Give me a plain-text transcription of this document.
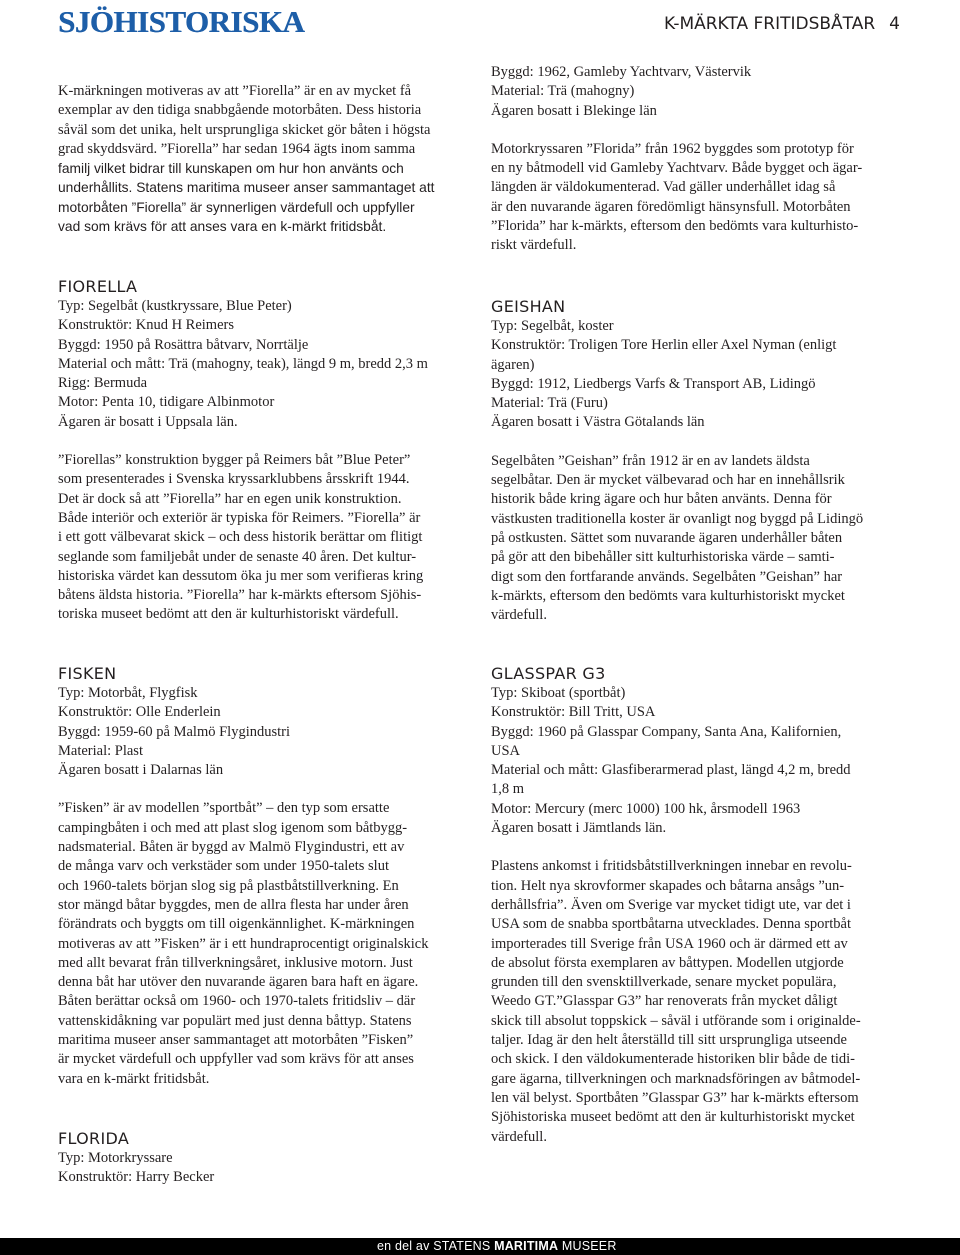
SJÖHISTORISKA	K-MÄRKTA FRITIDSBÅTAR 4

K-märkningen motiveras av att ”Fiorella” är en av mycket få

exemplar av den tidiga snabbgående motorbåten. Dess historia

såväl som det unika, helt ursprungliga skicket gör båten i högsta

grad skyddsvärd. ”Fiorella” har sedan 1964 ägts inom samma

familj vilket bidrar till kunskapen om hur hon använts och

underhållits. Statens maritima museer anser sammantaget att

motorbåten ”Fiorella” är synnerligen värdefull och uppfyller

vad som krävs för att anses vara en k-märkt fritidsbåt.

FIORELLA
Typ: Segelbåt (kustkryssare, Blue Peter)
Konstruktör: Knud H Reimers
Byggd: 1950 på Rosättra båtvarv, Norrtälje
Material och mått: Trä (mahogny, teak), längd 9 m, bredd 2,3 m
Rigg: Bermuda
Motor: Penta 10, tidigare Albinmotor
Ägaren är bosatt i Uppsala län.

”Fiorellas” konstruktion bygger på Reimers båt ”Blue Peter”

som presenterades i Svenska kryssarklubbens årsskrift 1944.

Det är dock så att ”Fiorella” har en egen unik konstruktion.

Både interiör och exteriör är typiska för Reimers. ”Fiorella” är

i ett gott välbevarat skick – och dess historik berättar om flitigt

seglande som familjebåt under de senaste 40 åren. Det kultur-

historiska värdet kan dessutom öka ju mer som verifieras kring

båtens äldsta historia. ”Fiorella” har k-märkts eftersom Sjöhis-

toriska museet bedömt att den är kulturhistoriskt värdefull.

FISKEN
Typ: Motorbåt, Flygfisk
Konstruktör: Olle Enderlein
Byggd: 1959-60 på Malmö Flygindustri
Material: Plast
Ägaren bosatt i Dalarnas län

”Fisken” är av modellen ”sportbåt” – den typ som ersatte

campingbåten i och med att plast slog igenom som båtbygg-

nadsmaterial. Båten är byggd av Malmö Flygindustri, ett av

de många varv och verkstäder som under 1950-talets slut

och 1960-talets början slog sig på plastbåtstillverkning. En

stor mängd båtar byggdes, men de allra flesta har under åren

förändrats och byggts om till oigenkännlighet. K-märkningen

motiveras av att ”Fisken” är i ett hundraprocentigt originalskick

med allt bevarat från tillverkningsåret, inklusive motorn. Just

denna båt har utöver den nuvarande ägaren bara haft en ägare.

Båten berättar också om 1960- och 1970-talets fritidsliv – där

vattenskidåkning var populärt med just denna båttyp. Statens

maritima museer anser sammantaget att motorbåten ”Fisken”

är mycket värdefull och uppfyller vad som krävs för att anses

vara en k-märkt fritidsbåt.

FLORIDA
Typ: Motorkryssare
Konstruktör: Harry Becker
Byggd: 1962, Gamleby Yachtvarv, Västervik
Material: Trä (mahogny)
Ägaren bosatt i Blekinge län

Motorkryssaren ”Florida” från 1962 byggdes som prototyp för

en ny båtmodell vid Gamleby Yachtvarv. Både bygget och ägar-

längden är väldokumenterad. Vad gäller underhållet idag så

är den nuvarande ägaren föredömligt hänsynsfull. Motorbåten

”Florida” har k-märkts, eftersom den bedömts vara kulturhisto-

riskt värdefull.

GEISHAN
Typ: Segelbåt, koster
Konstruktör: Troligen Tore Herlin eller Axel Nyman (enligt
ägaren)
Byggd: 1912, Liedbergs Varfs & Transport AB, Lidingö
Material: Trä (Furu)
Ägaren bosatt i Västra Götalands län

Segelbåten ”Geishan” från 1912 är en av landets äldsta

segelbåtar. Den är mycket välbevarad och har en innehållsrik

historik både kring ägare och hur båten använts. Denna för

västkusten traditionella koster är ovanligt nog byggd på Lidingö

på ostkusten. Sättet som nuvarande ägaren underhåller båten

på gör att den bibehåller sitt kulturhistoriska värde – samti-

digt som den fortfarande används. Segelbåten ”Geishan” har

k-märkts, eftersom den bedömts vara kulturhistoriskt mycket

värdefull.

GLASSPAR G3
Typ: Skiboat (sportbåt)
Konstruktör: Bill Tritt, USA
Byggd: 1960 på Glasspar Company, Santa Ana, Kalifornien,
USA
Material och mått: Glasfiberarmerad plast, längd 4,2 m, bredd
1,8 m
Motor: Mercury (merc 1000) 100 hk, årsmodell 1963
Ägaren bosatt i Jämtlands län.

Plastens ankomst i fritidsbåtstillverkningen innebar en revolu-

tion. Helt nya skrovformer skapades och båtarna ansågs ”un-

derhållsfria”. Även om Sverige var mycket tidigt ute, var det i

USA som de snabba sportbåtarna utvecklades. Denna sportbåt

importerades till Sverige från USA 1960 och är därmed ett av

de absolut första exemplaren av båttypen. Modellen utgjorde

grunden till den svensktillverkade, senare mycket populära,

Weedo GT.”Glasspar G3” har renoverats från mycket dåligt

skick till absolut toppskick – såväl i utförande som i originalde-

taljer. Idag är den helt återställd till sitt ursprungliga utseende

och skick. I den väldokumenterade historiken blir både de tidi-

gare ägarna, tillverkningen och marknadsföringen av båtmodel-

len väl belyst. Sportbåten ”Glasspar G3” har k-märkts eftersom

Sjöhistoriska museet bedömt att den är kulturhistoriskt mycket

värdefull.

en del av STATENS MARITIMA MUSEER
